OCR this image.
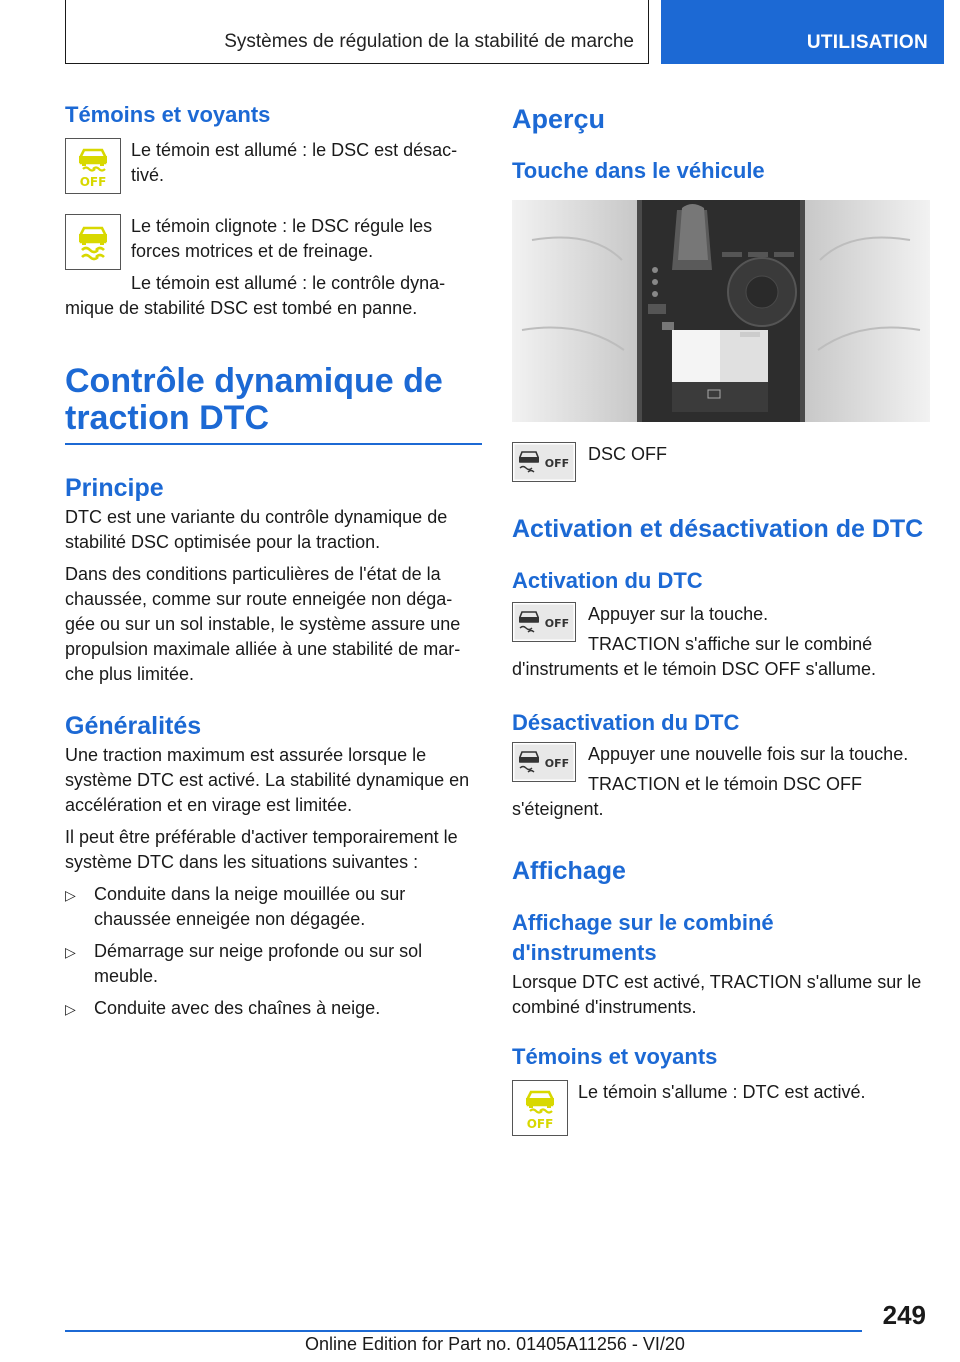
Systèmes de régulation de la stabilité de marche	UTILISATION
Témoins et voyants
OFF

Le témoin est allumé : le DSC est désac-tivé.

Le témoin clignote : le DSC régule les forces motrices et de freinage.

Le témoin est allumé : le contrôle dyna-mique de stabilité DSC est tombé en panne.

Contrôle dynamique de traction DTC
Principe

DTC est une variante du contrôle dynamique de stabilité DSC optimisée pour la traction.

Dans des conditions particulières de l'état de la chaussée, comme sur route enneigée non déga-gée ou sur un sol instable, le système assure une propulsion maximale alliée à une stabilité de mar-che plus limitée.

Généralités

Une traction maximum est assurée lorsque le système DTC est activé. La stabilité dynamique en accélération et en virage est limitée.

Il peut être préférable d'activer temporairement le système DTC dans les situations suivantes :

▷	Conduite dans la neige mouillée ou sur chaussée enneigée non dégagée.
▷	Démarrage sur neige profonde ou sur sol meuble.
▷	Conduite avec des chaînes à neige.
Aperçu
Touche dans le véhicule
OFF DSC OFF

Activation et désactivation de DTC
Activation du DTC
OFF Appuyer sur la touche.

TRACTION s'affiche sur le combiné d'instruments et le témoin DSC OFF s'allume.

Désactivation du DTC
OFF Appuyer une nouvelle fois sur la touche.

TRACTION et le témoin DSC OFF s'éteignent.

Affichage
Affichage sur le combiné d'instruments

Lorsque DTC est activé, TRACTION s'allume sur le combiné d'instruments.

Témoins et voyants
OFF

Le témoin s'allume : DTC est activé.

249
Online Edition for Part no. 01405A11256 - VI/20
